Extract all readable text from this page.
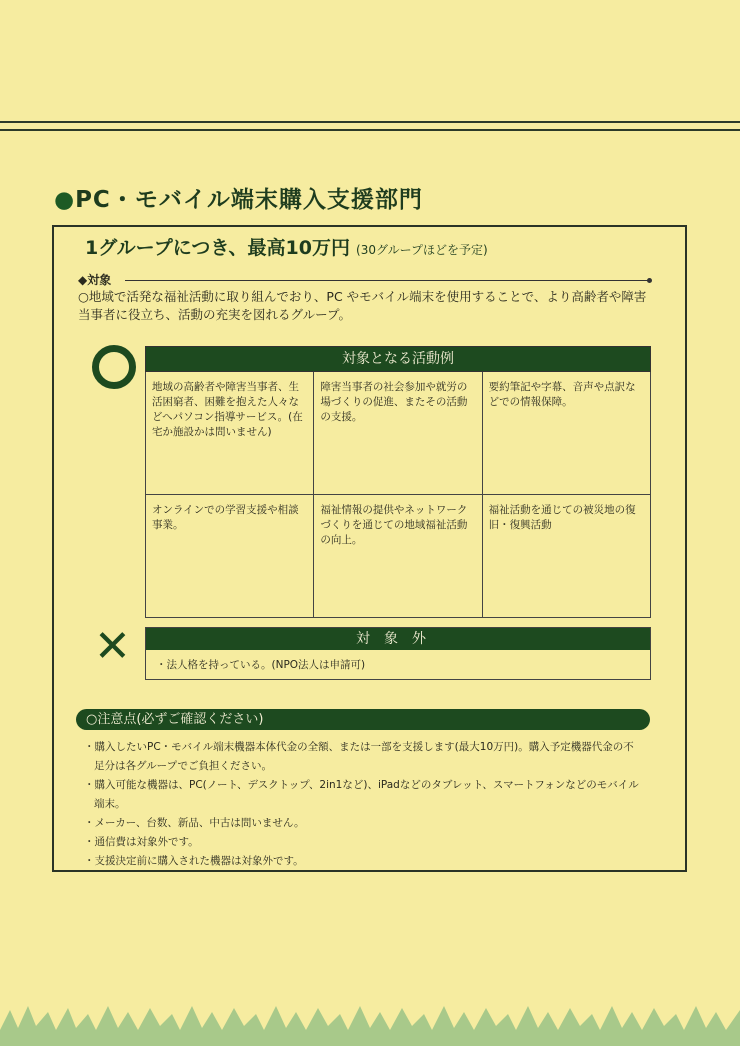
●PC・モバイル端末購入支援部門
1グループにつき、最高10万円 (30グループほどを予定)
◆対象
○地域で活発な福祉活動に取り組んでおり、PC やモバイル端末を使用することで、より高齢者や障害当事者に役立ち、活動の充実を図れるグループ。
対象となる活動例		
地域の高齢者や障害当事者、生活困窮者、困難を抱えた人々などへパソコン指導サービス。(在宅か施設かは問いません)	障害当事者の社会参加や就労の場づくりの促進、またその活動の支援。	要約筆記や字幕、音声や点訳などでの情報保障。
オンラインでの学習支援や相談事業。	福祉情報の提供やネットワークづくりを通じての地域福祉活動の向上。	福祉活動を通じての被災地の復旧・復興活動
✕	対象外
・法人格を持っている。(NPO法人は申請可)
○注意点(必ずご確認ください)
・ 購入したいPC・モバイル端末機器本体代金の全額、または一部を支援します(最大10万円)。購入予定機器代金の不足分は各グループでご負担ください。
・ 購入可能な機器は、PC(ノート、デスクトップ、2in1など)、iPadなどのタブレット、スマートフォンなどのモバイル端末。
・ メーカー、台数、新品、中古は問いません。
・ 通信費は対象外です。
・ 支援決定前に購入された機器は対象外です。
